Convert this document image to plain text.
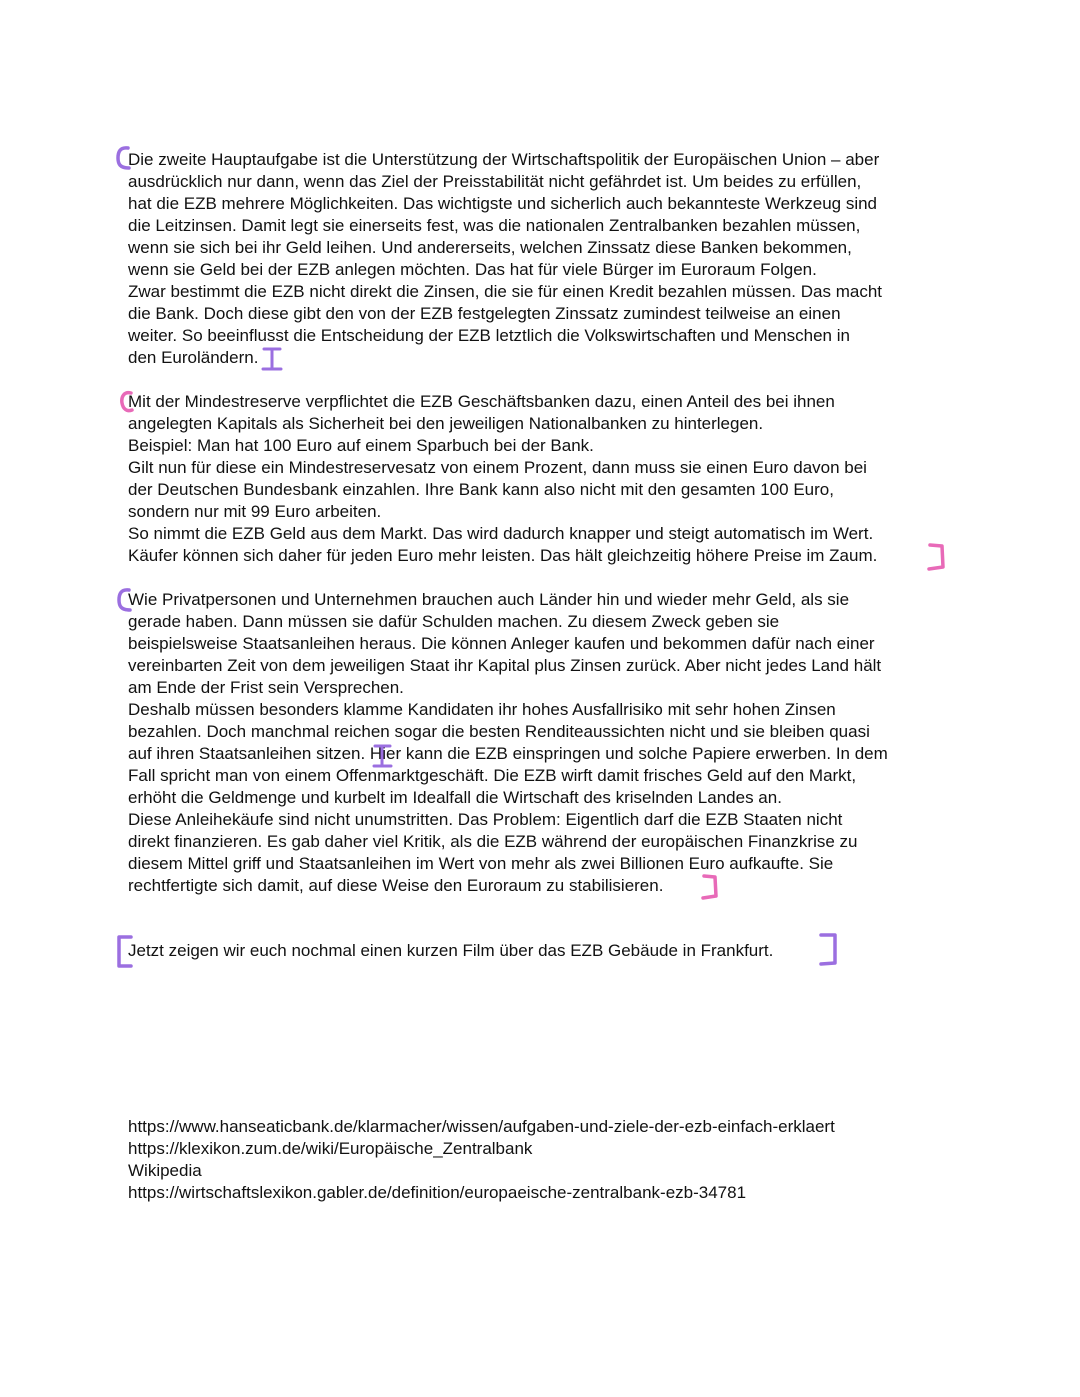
Die zweite Hauptaufgabe ist die Unterstützung der Wirtschaftspolitik der Europäischen Union – aber
ausdrücklich nur dann, wenn das Ziel der Preisstabilität nicht gefährdet ist. Um beides zu erfüllen,
hat die EZB mehrere Möglichkeiten. Das wichtigste und sicherlich auch bekannteste Werkzeug sind
die Leitzinsen. Damit legt sie einerseits fest, was die nationalen Zentralbanken bezahlen müssen,
wenn sie sich bei ihr Geld leihen. Und andererseits, welchen Zinssatz diese Banken bekommen,
wenn sie Geld bei der EZB anlegen möchten. Das hat für viele Bürger im Euroraum Folgen.
Zwar bestimmt die EZB nicht direkt die Zinsen, die sie für einen Kredit bezahlen müssen. Das macht
die Bank. Doch diese gibt den von der EZB festgelegten Zinssatz zumindest teilweise an einen
weiter. So beeinflusst die Entscheidung der EZB letztlich die Volkswirtschaften und Menschen in
den Euroländern.

Mit der Mindestreserve verpflichtet die EZB Geschäftsbanken dazu, einen Anteil des bei ihnen
angelegten Kapitals als Sicherheit bei den jeweiligen Nationalbanken zu hinterlegen.
Beispiel: Man hat 100 Euro auf einem Sparbuch bei der Bank.
Gilt nun für diese ein Mindestreservesatz von einem Prozent, dann muss sie einen Euro davon bei
der Deutschen Bundesbank einzahlen. Ihre Bank kann also nicht mit den gesamten 100 Euro,
sondern nur mit 99 Euro arbeiten.
So nimmt die EZB Geld aus dem Markt. Das wird dadurch knapper und steigt automatisch im Wert.
Käufer können sich daher für jeden Euro mehr leisten. Das hält gleichzeitig höhere Preise im Zaum.

Wie Privatpersonen und Unternehmen brauchen auch Länder hin und wieder mehr Geld, als sie
gerade haben. Dann müssen sie dafür Schulden machen. Zu diesem Zweck geben sie
beispielsweise Staatsanleihen heraus. Die können Anleger kaufen und bekommen dafür nach einer
vereinbarten Zeit von dem jeweiligen Staat ihr Kapital plus Zinsen zurück. Aber nicht jedes Land hält
am Ende der Frist sein Versprechen.
Deshalb müssen besonders klamme Kandidaten ihr hohes Ausfallrisiko mit sehr hohen Zinsen
bezahlen. Doch manchmal reichen sogar die besten Renditeaussichten nicht und sie bleiben quasi
auf ihren Staatsanleihen sitzen. Hier kann die EZB einspringen und solche Papiere erwerben. In dem
Fall spricht man von einem Offenmarktgeschäft. Die EZB wirft damit frisches Geld auf den Markt,
erhöht die Geldmenge und kurbelt im Idealfall die Wirtschaft des kriselnden Landes an.
Diese Anleihekäufe sind nicht unumstritten. Das Problem: Eigentlich darf die EZB Staaten nicht
direkt finanzieren. Es gab daher viel Kritik, als die EZB während der europäischen Finanzkrise zu
diesem Mittel griff und Staatsanleihen im Wert von mehr als zwei Billionen Euro aufkaufte. Sie
rechtfertigte sich damit, auf diese Weise den Euroraum zu stabilisieren.

Jetzt zeigen wir euch nochmal einen kurzen Film über das EZB Gebäude in Frankfurt.

https://www.hanseaticbank.de/klarmacher/wissen/aufgaben-und-ziele-der-ezb-einfach-erklaert
https://klexikon.zum.de/wiki/Europäische_Zentralbank
Wikipedia
https://wirtschaftslexikon.gabler.de/definition/europaeische-zentralbank-ezb-34781
